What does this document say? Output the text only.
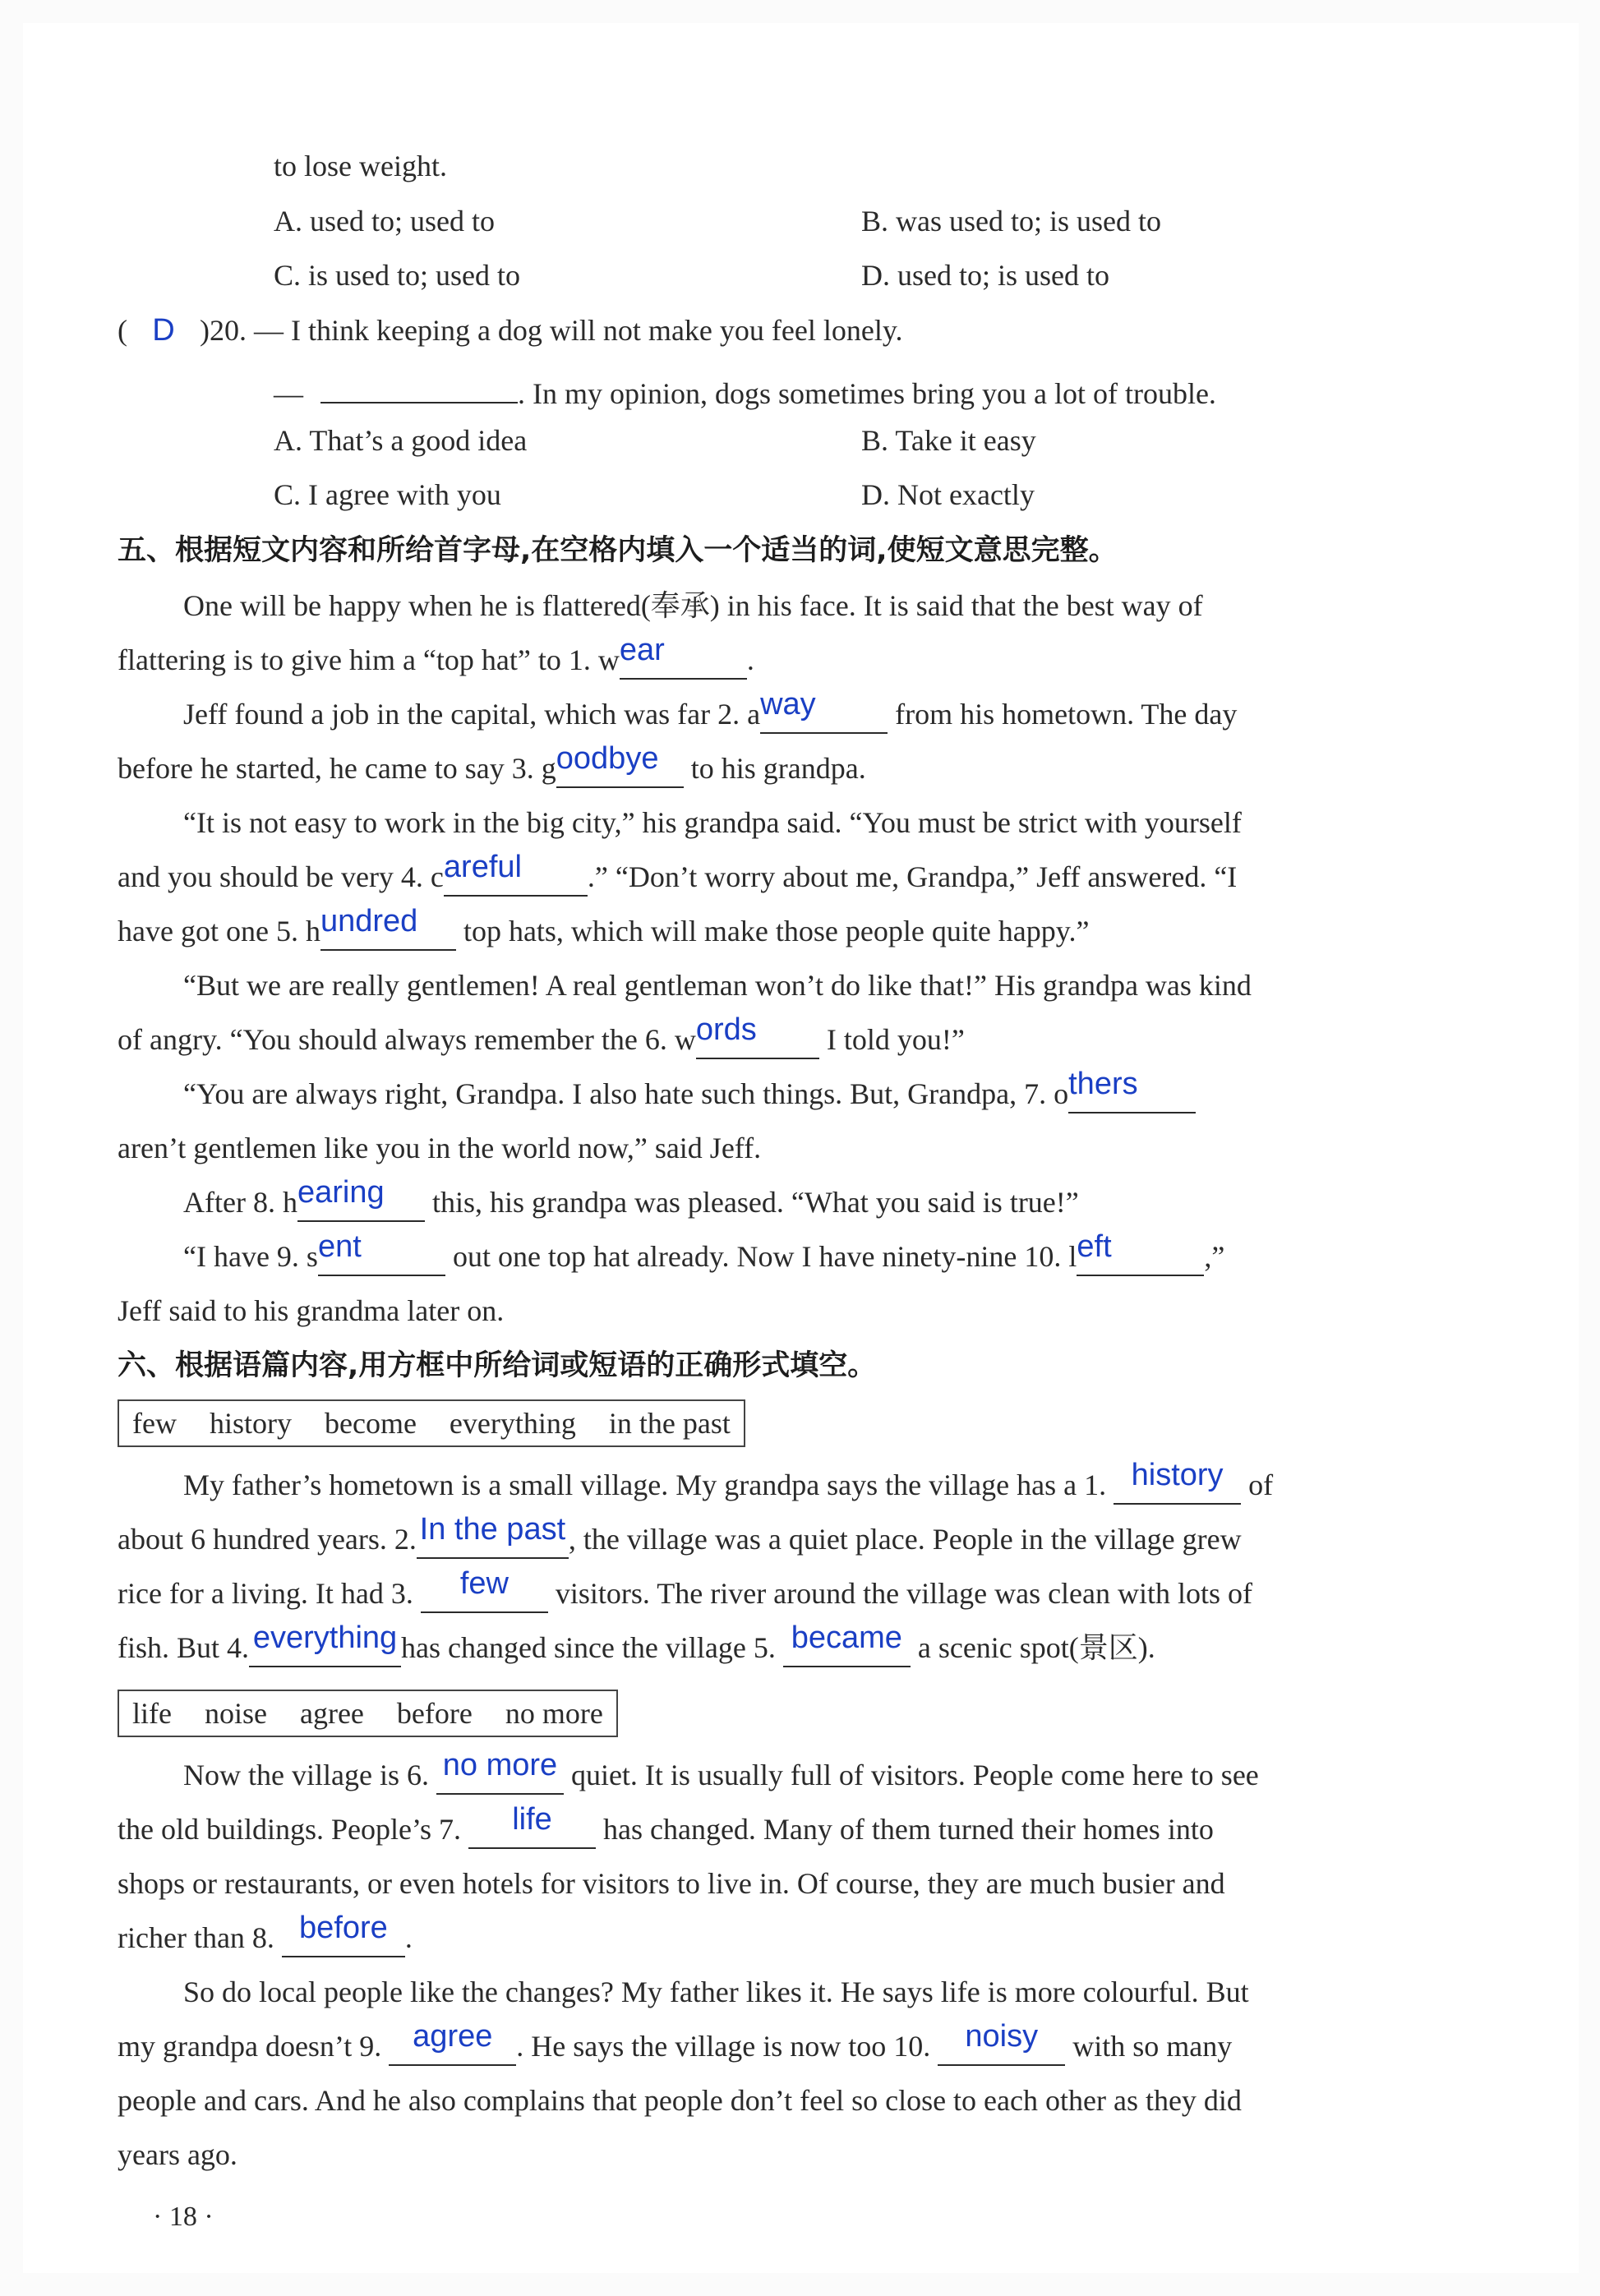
to lose weight.
A. used to; used to	B. was used to; is used to
C. is used to; used to	D. used to; is used to
( D )20. — I think keeping a dog will not make you feel lonely.
—	. In my opinion, dogs sometimes bring you a lot of trouble.
A. That’s a good idea	B. Take it easy
C. I agree with you	D. Not exactly
五、根据短文内容和所给首字母,在空格内填入一个适当的词,使短文意思完整。
One will be happy when he is flattered(奉承) in his face. It is said that the best way of
flattering is to give him a “top hat” to 1. wear	.
Jeff found a job in the capital, which was far 2. away from his hometown. The day
before he started, he came to say 3. goodbye to his grandpa.
“It is not easy to work in the big city,” his grandpa said. “You must be strict with yourself
and you should be very 4. careful .” “Don’t worry about me, Grandpa,” Jeff answered. “I
have got one 5. hundred top hats, which will make those people quite happy.”
“But we are really gentlemen! A real gentleman won’t do like that!” His grandpa was kind
of angry. “You should always remember the 6. words I told you!”
“You are always right, Grandpa. I also hate such things. But, Grandpa, 7. others
aren’t gentlemen like you in the world now,” said Jeff.
After 8. hearing this, his grandpa was pleased. “What you said is true!”
“I have 9. sent	out one top hat already. Now I have ninety-nine 10. left	,”
Jeff said to his grandma later on.
六、根据语篇内容,用方框中所给词或短语的正确形式填空。
few history become everything in the past
My father’s hometown is a small village. My grandpa says the village has a 1. history of
about 6 hundred years. 2.In the past , the village was a quiet place. People in the village grew
rice for a living. It had 3. few visitors. The river around the village was clean with lots of
fish. But 4. everything has changed since the village 5. became a scenic spot(景区).
life noise agree before no more
Now the village is 6. no more quiet. It is usually full of visitors. People come here to see
the old buildings. People’s 7. life has changed. Many of them turned their homes into
shops or restaurants, or even hotels for visitors to live in. Of course, they are much busier and
richer than 8. before .
So do local people like the changes? My father likes it. He says life is more colourful. But
my grandpa doesn’t 9. agree . He says the village is now too 10. noisy with so many
people and cars. And he also complains that people don’t feel so close to each other as they did
years ago.
· 18 ·
